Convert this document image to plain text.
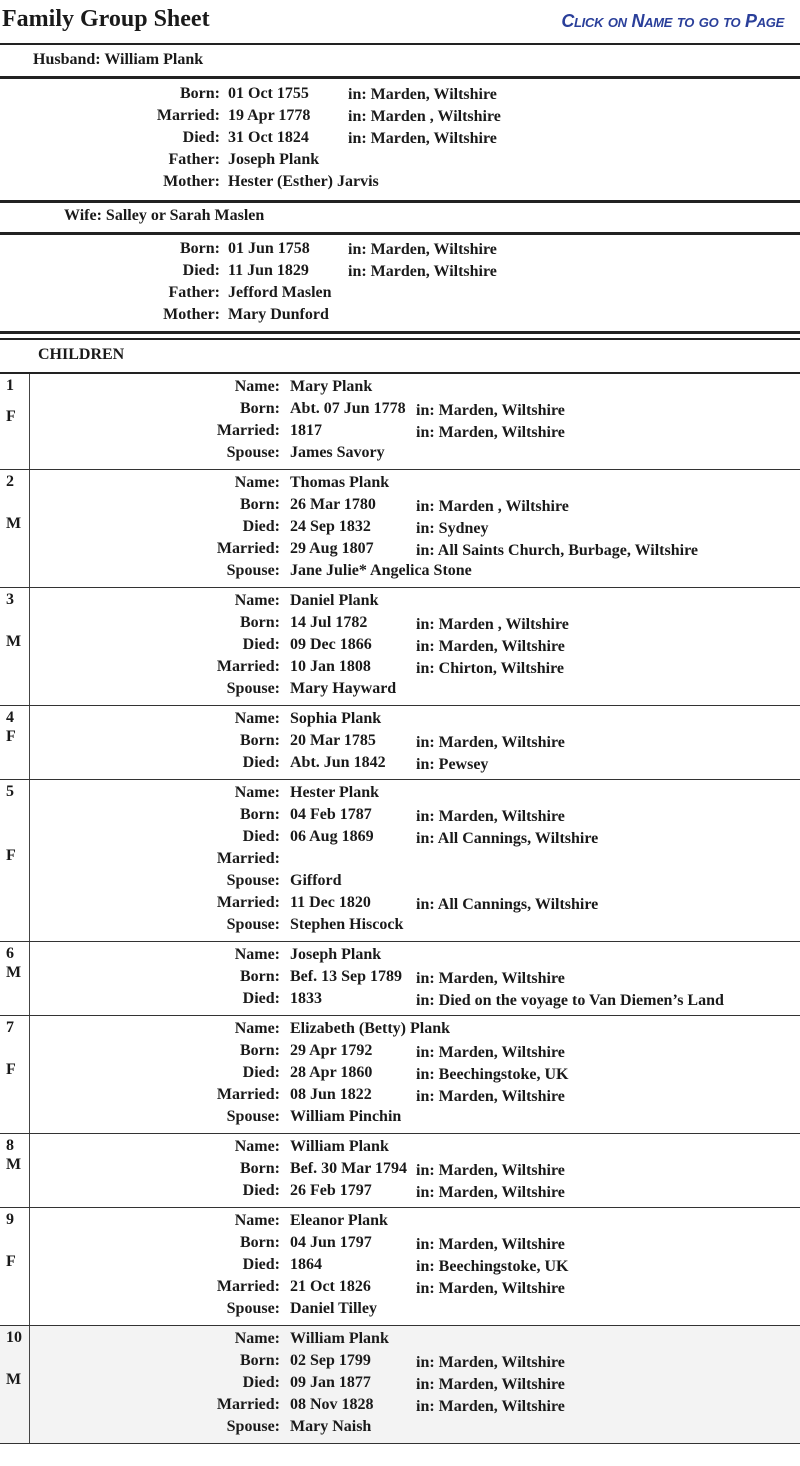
Family Group Sheet	Click on Name to go to Page
Husband: William Plank
Born: 01 Oct 1755 in: Marden, Wiltshire
Married: 19 Apr 1778 in: Marden , Wiltshire
Died: 31 Oct 1824 in: Marden, Wiltshire
Father: Joseph Plank
Mother: Hester (Esther) Jarvis
Wife: Salley or Sarah Maslen
Born: 01 Jun 1758 in: Marden, Wiltshire
Died: 11 Jun 1829 in: Marden, Wiltshire
Father: Jefford Maslen
Mother: Mary Dunford
CHILDREN
1
F
Name: Mary Plank
Born: Abt. 07 Jun 1778 in: Marden, Wiltshire
Married: 1817	in: Marden, Wiltshire
Spouse: James Savory
2
M
Name: Thomas Plank
Born: 26 Mar 1780	in: Marden , Wiltshire
Died: 24 Sep 1832	in: Sydney
Married: 29 Aug 1807	in: All Saints Church, Burbage, Wiltshire
Spouse: Jane Julie* Angelica Stone
3
M
Name: Daniel Plank
Born: 14 Jul 1782	in: Marden , Wiltshire
Died: 09 Dec 1866	in: Marden, Wiltshire
Married: 10 Jan 1808	in: Chirton, Wiltshire
Spouse: Mary Hayward
4
F
Name: Sophia Plank
Born: 20 Mar 1785	in: Marden, Wiltshire
Died: Abt. Jun 1842 in: Pewsey
5
F
Name: Hester Plank
Born: 04 Feb 1787	in: Marden, Wiltshire
Died: 06 Aug 1869	in: All Cannings, Wiltshire
Married:
Spouse: Gifford
Married: 11 Dec 1820	in: All Cannings, Wiltshire
Spouse: Stephen Hiscock
6
M
Name: Joseph Plank
Born: Bef. 13 Sep 1789 in: Marden, Wiltshire
Died: 1833	in: Died on the voyage to Van Diemen’s Land
7
F
Name: Elizabeth (Betty) Plank
Born: 29 Apr 1792	in: Marden, Wiltshire
Died: 28 Apr 1860	in: Beechingstoke, UK
Married: 08 Jun 1822	in: Marden, Wiltshire
Spouse: William Pinchin
8
M
Name: William Plank
Born: Bef. 30 Mar 1794 in: Marden, Wiltshire
Died: 26 Feb 1797	in: Marden, Wiltshire
9
F
Name: Eleanor Plank
Born: 04 Jun 1797	in: Marden, Wiltshire
Died: 1864	in: Beechingstoke, UK
Married: 21 Oct 1826	in: Marden, Wiltshire
Spouse: Daniel Tilley
10
M
Name: William Plank
Born: 02 Sep 1799	in: Marden, Wiltshire
Died: 09 Jan 1877	in: Marden, Wiltshire
Married: 08 Nov 1828	in: Marden, Wiltshire
Spouse: Mary Naish
